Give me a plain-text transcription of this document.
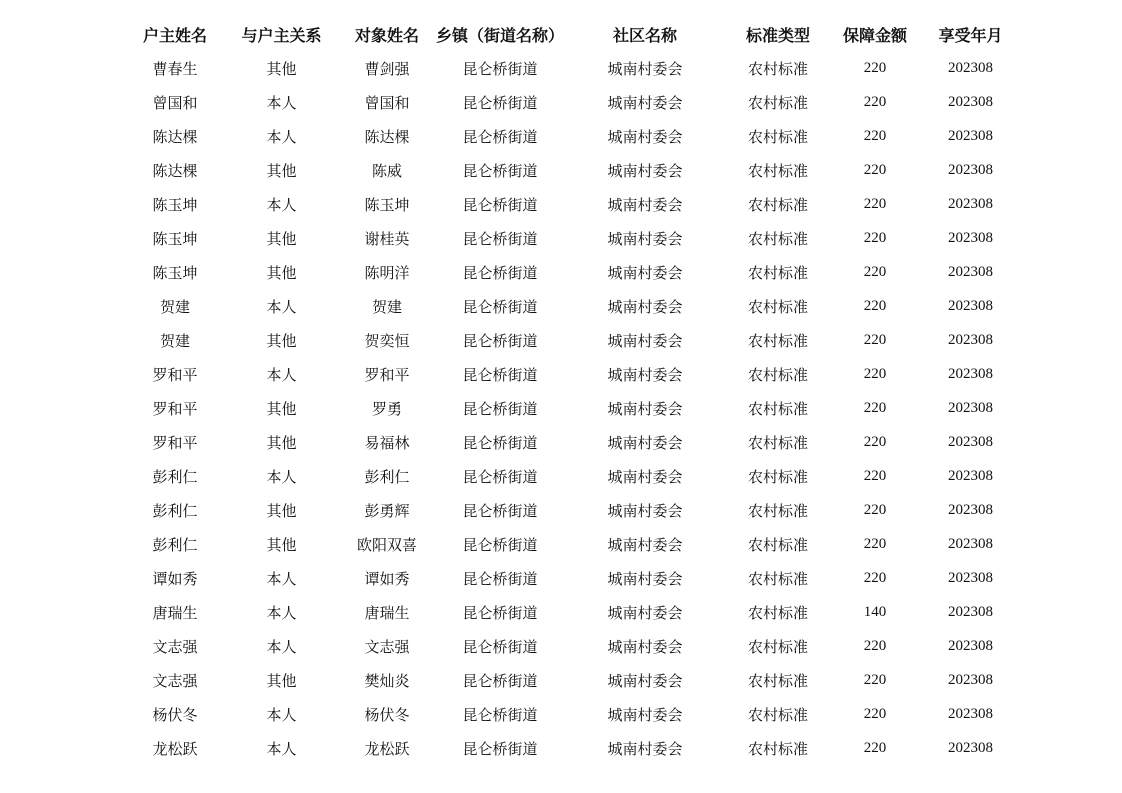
户主姓名	与户主关系	对象姓名	乡镇（街道名称）	社区名称	标准类型	保障金额	享受年月
曹春生	其他	曹剑强	昆仑桥街道	城南村委会	农村标准	220	202308
曾国和	本人	曾国和	昆仑桥街道	城南村委会	农村标准	220	202308
陈达棵	本人	陈达棵	昆仑桥街道	城南村委会	农村标准	220	202308
陈达棵	其他	陈威	昆仑桥街道	城南村委会	农村标准	220	202308
陈玉坤	本人	陈玉坤	昆仑桥街道	城南村委会	农村标准	220	202308
陈玉坤	其他	谢桂英	昆仑桥街道	城南村委会	农村标准	220	202308
陈玉坤	其他	陈明洋	昆仑桥街道	城南村委会	农村标准	220	202308
贺建	本人	贺建	昆仑桥街道	城南村委会	农村标准	220	202308
贺建	其他	贺奕恒	昆仑桥街道	城南村委会	农村标准	220	202308
罗和平	本人	罗和平	昆仑桥街道	城南村委会	农村标准	220	202308
罗和平	其他	罗勇	昆仑桥街道	城南村委会	农村标准	220	202308
罗和平	其他	易福林	昆仑桥街道	城南村委会	农村标准	220	202308
彭利仁	本人	彭利仁	昆仑桥街道	城南村委会	农村标准	220	202308
彭利仁	其他	彭勇辉	昆仑桥街道	城南村委会	农村标准	220	202308
彭利仁	其他	欧阳双喜	昆仑桥街道	城南村委会	农村标准	220	202308
谭如秀	本人	谭如秀	昆仑桥街道	城南村委会	农村标准	220	202308
唐瑞生	本人	唐瑞生	昆仑桥街道	城南村委会	农村标准	140	202308
文志强	本人	文志强	昆仑桥街道	城南村委会	农村标准	220	202308
文志强	其他	樊灿炎	昆仑桥街道	城南村委会	农村标准	220	202308
杨伏冬	本人	杨伏冬	昆仑桥街道	城南村委会	农村标准	220	202308
龙松跃	本人	龙松跃	昆仑桥街道	城南村委会	农村标准	220	202308
